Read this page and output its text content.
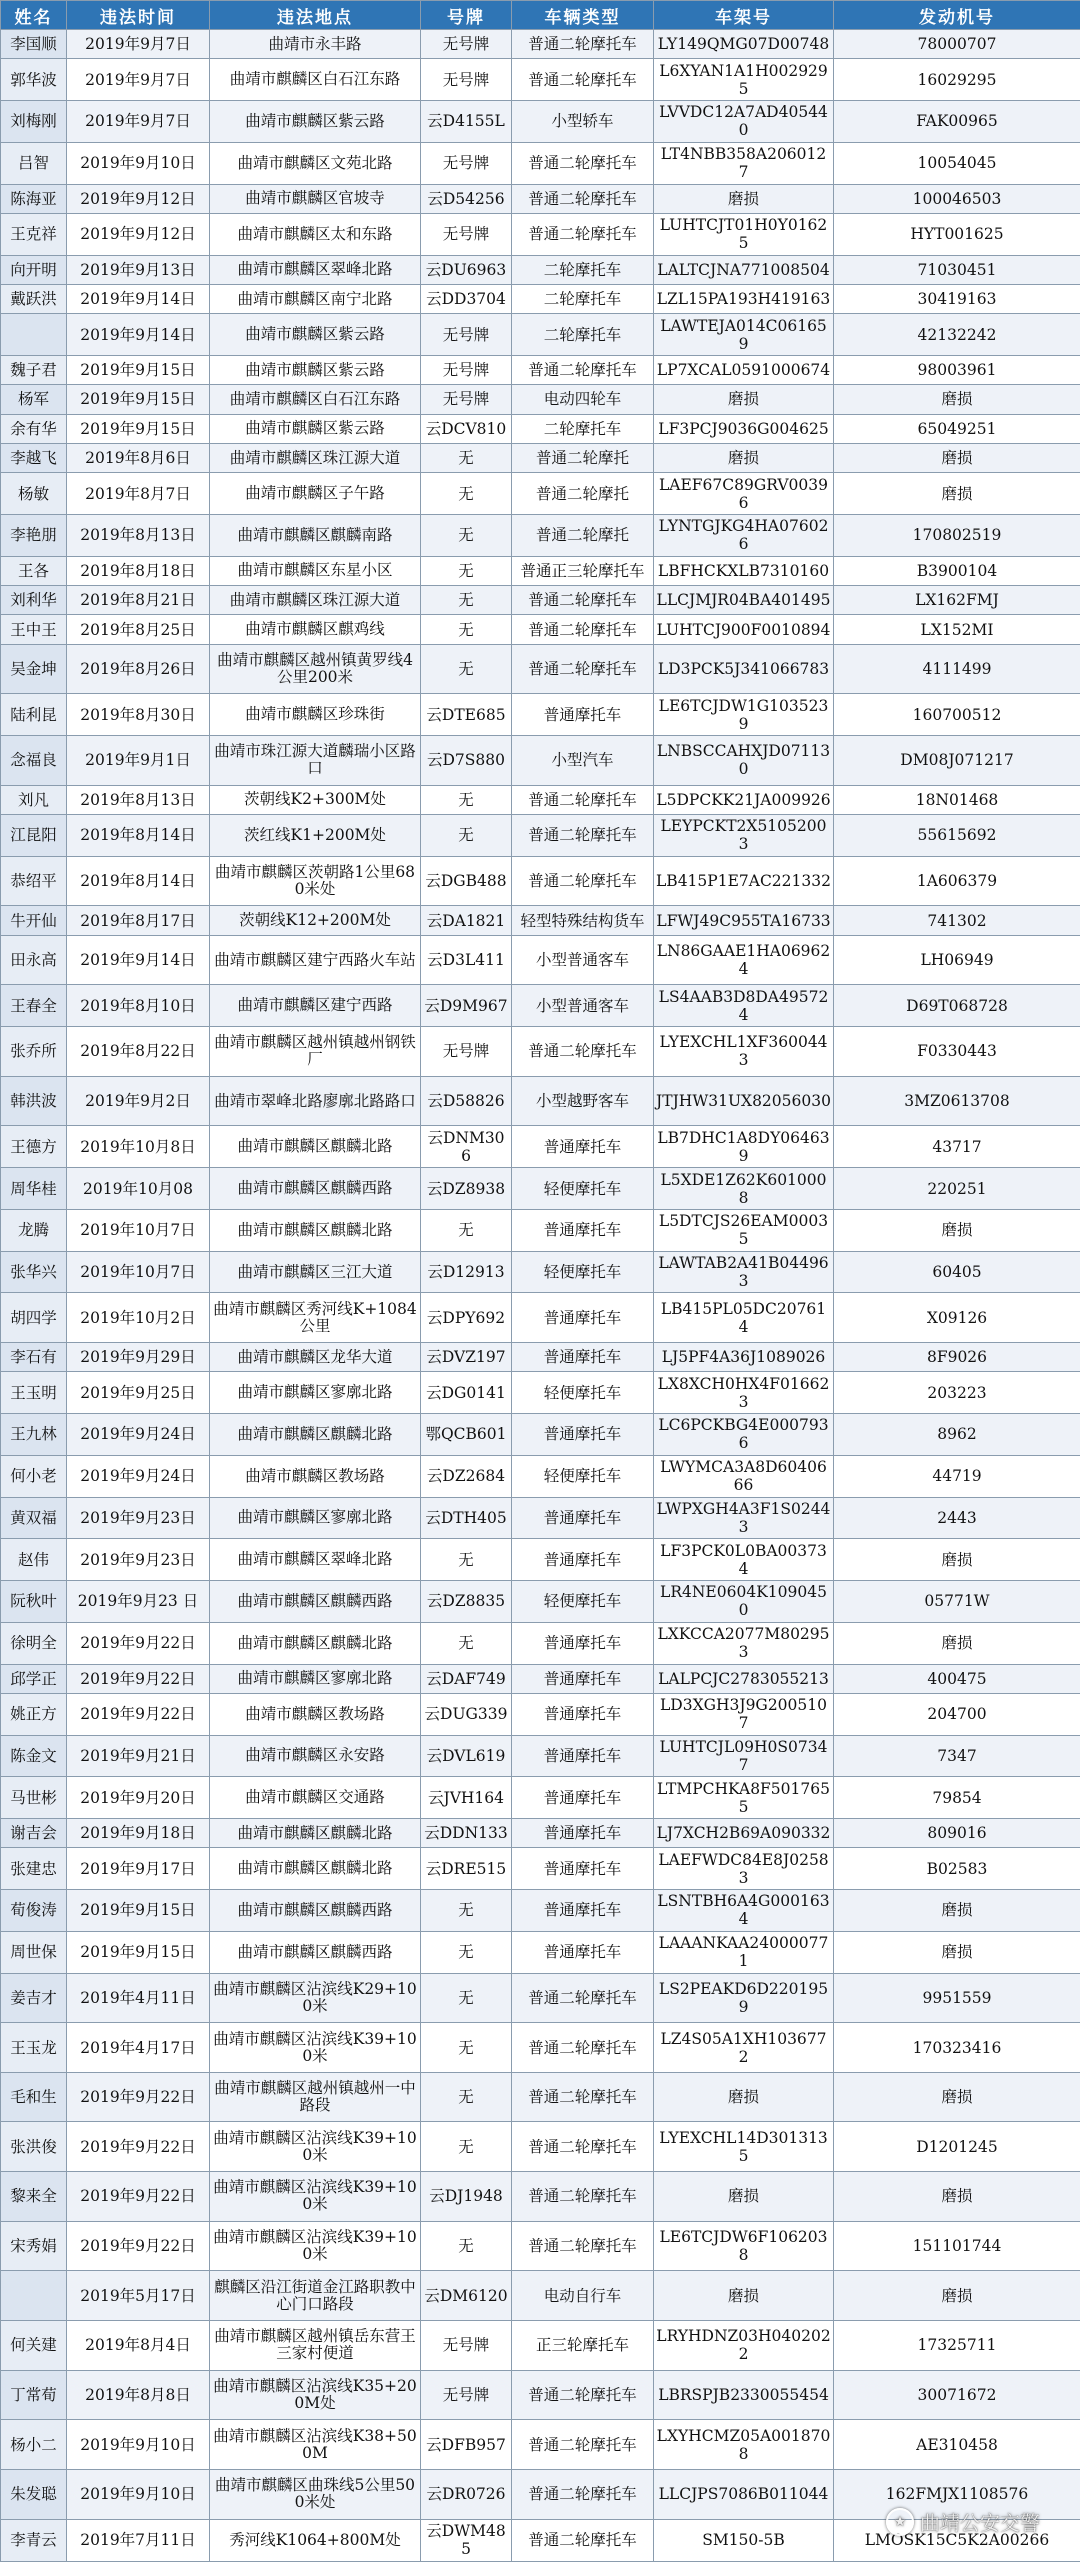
姓名	违法时间	违法地点	号牌	车辆类型	车架号	发动机号
李国顺	2019年9月7日	曲靖市永丰路	无号牌	普通二轮摩托车	LY149QMG07D00748	78000707
郭华波	2019年9月7日	曲靖市麒麟区白石江东路	无号牌	普通二轮摩托车	L6XYAN1A1H0029295	16029295
刘梅刚	2019年9月7日	曲靖市麒麟区紫云路	云D4155L	小型轿车	LVVDC12A7AD405440	FAK00965
吕智	2019年9月10日	曲靖市麒麟区文苑北路	无号牌	普通二轮摩托车	LT4NBB358A2060127	10054045
陈海亚	2019年9月12日	曲靖市麒麟区官坡寺	云D54256	普通二轮摩托车	磨损	100046503
王克祥	2019年9月12日	曲靖市麒麟区太和东路	无号牌	普通二轮摩托车	LUHTCJT01H0Y01625	HYT001625
向开明	2019年9月13日	曲靖市麒麟区翠峰北路	云DU6963	二轮摩托车	LALTCJNA771008504	71030451
戴跃洪	2019年9月14日	曲靖市麒麟区南宁北路	云DD3704	二轮摩托车	LZL15PA193H419163	30419163
	2019年9月14日	曲靖市麒麟区紫云路	无号牌	二轮摩托车	LAWTEJA014C061659	42132242
魏子君	2019年9月15日	曲靖市麒麟区紫云路	无号牌	普通二轮摩托车	LP7XCAL0591000674	98003961
杨军	2019年9月15日	曲靖市麒麟区白石江东路	无号牌	电动四轮车	磨损	磨损
余有华	2019年9月15日	曲靖市麒麟区紫云路	云DCV810	二轮摩托车	LF3PCJ9036G004625	65049251
李越飞	2019年8月6日	曲靖市麒麟区珠江源大道	无	普通二轮摩托	磨损	磨损
杨敏	2019年8月7日	曲靖市麒麟区子午路	无	普通二轮摩托	LAEF67C89GRV00396	磨损
李艳朋	2019年8月13日	曲靖市麒麟区麒麟南路	无	普通二轮摩托	LYNTGJKG4HA076026	170802519
王各	2019年8月18日	曲靖市麒麟区东星小区	无	普通正三轮摩托车	LBFHCKXLB7310160	B3900104
刘利华	2019年8月21日	曲靖市麒麟区珠江源大道	无	普通二轮摩托车	LLCJMJR04BA401495	LX162FMJ
王中王	2019年8月25日	曲靖市麒麟区麒鸡线	无	普通二轮摩托车	LUHTCJ900F0010894	LX152MI
吴金坤	2019年8月26日	曲靖市麒麟区越州镇黄罗线4公里200米	无	普通二轮摩托车	LD3PCK5J341066783	4111499
陆利昆	2019年8月30日	曲靖市麒麟区珍珠街	云DTE685	普通摩托车	LE6TCJDW1G1035239	160700512
念福良	2019年9月1日	曲靖市珠江源大道麟瑞小区路口	云D7S880	小型汽车	LNBSCCAHXJD071130	DM08J071217
刘凡	2019年8月13日	茨朝线K2+300M处	无	普通二轮摩托车	L5DPCKK21JA009926	18N01468
江昆阳	2019年8月14日	茨红线K1+200M处	无	普通二轮摩托车	LEYPCKT2X51052003	55615692
恭绍平	2019年8月14日	曲靖市麒麟区茨朝路1公里680米处	云DGB488	普通二轮摩托车	LB415P1E7AC221332	1A606379
牛开仙	2019年8月17日	茨朝线K12+200M处	云DA1821	轻型特殊结构货车	LFWJ49C955TA16733	741302
田永高	2019年9月14日	曲靖市麒麟区建宁西路火车站	云D3L411	小型普通客车	LN86GAAE1HA069624	LH06949
王春全	2019年8月10日	曲靖市麒麟区建宁西路	云D9M967	小型普通客车	LS4AAB3D8DA495724	D69T068728
张乔所	2019年8月22日	曲靖市麒麟区越州镇越州钢铁厂	无号牌	普通二轮摩托车	LYEXCHL1XF3600443	F0330443
韩洪波	2019年9月2日	曲靖市翠峰北路廖廓北路路口	云D58826	小型越野客车	JTJHW31UX82056030	3MZ0613708
王德方	2019年10月8日	曲靖市麒麟区麒麟北路	云DNM306	普通摩托车	LB7DHC1A8DY064639	43717
周华桂	2019年10月08	曲靖市麒麟区麒麟西路	云DZ8938	轻便摩托车	L5XDE1Z62K6010008	220251
龙腾	2019年10月7日	曲靖市麒麟区麒麟北路	无	普通摩托车	L5DTCJS26EAM00035	磨损
张华兴	2019年10月7日	曲靖市麒麟区三江大道	云D12913	轻便摩托车	LAWTAB2A41B044963	60405
胡四学	2019年10月2日	曲靖市麒麟区秀河线K+1084公里	云DPY692	普通摩托车	LB415PL05DC207614	X09126
李石有	2019年9月29日	曲靖市麒麟区龙华大道	云DVZ197	普通摩托车	LJ5PF4A36J1089026	8F9026
王玉明	2019年9月25日	曲靖市麒麟区寥廓北路	云DG0141	轻便摩托车	LX8XCH0HX4F016623	203223
王九林	2019年9月24日	曲靖市麒麟区麒麟北路	鄂QCB601	普通摩托车	LC6PCKBG4E0007936	8962
何小老	2019年9月24日	曲靖市麒麟区教场路	云DZ2684	轻便摩托车	LWYMCA3A8D6040666	44719
黄双福	2019年9月23日	曲靖市麒麟区寥廓北路	云DTH405	普通摩托车	LWPXGH4A3F1S02443	2443
赵伟	2019年9月23日	曲靖市麒麟区翠峰北路	无	普通摩托车	LF3PCK0L0BA003734	磨损
阮秋叶	2019年9月23 日	曲靖市麒麟区麒麟西路	云DZ8835	轻便摩托车	LR4NE0604K1090450	05771W
徐明全	2019年9月22日	曲靖市麒麟区麒麟北路	无	普通摩托车	LXKCCA2077M802953	磨损
邱学正	2019年9月22日	曲靖市麒麟区寥廓北路	云DAF749	普通摩托车	LALPCJC2783055213	400475
姚正方	2019年9月22日	曲靖市麒麟区教场路	云DUG339	普通摩托车	LD3XGH3J9G2005107	204700
陈金文	2019年9月21日	曲靖市麒麟区永安路	云DVL619	普通摩托车	LUHTCJL09H0S07347	7347
马世彬	2019年9月20日	曲靖市麒麟区交通路	云JVH164	普通摩托车	LTMPCHKA8F5017655	79854
谢吉会	2019年9月18日	曲靖市麒麟区麒麟北路	云DDN133	普通摩托车	LJ7XCH2B69A090332	809016
张建忠	2019年9月17日	曲靖市麒麟区麒麟北路	云DRE515	普通摩托车	LAEFWDC84E8J02583	B02583
荀俊涛	2019年9月15日	曲靖市麒麟区麒麟西路	无	普通摩托车	LSNTBH6A4G0001634	磨损
周世保	2019年9月15日	曲靖市麒麟区麒麟西路	无	普通摩托车	LAAANKAA240000771	磨损
姜吉才	2019年4月11日	曲靖市麒麟区沾滨线K29+100米	无	普通二轮摩托车	LS2PEAKD6D2201959	9951559
王玉龙	2019年4月17日	曲靖市麒麟区沾滨线K39+100米	无	普通二轮摩托车	LZ4S05A1XH1036772	170323416
毛和生	2019年9月22日	曲靖市麒麟区越州镇越州一中路段	无	普通二轮摩托车	磨损	磨损
张洪俊	2019年9月22日	曲靖市麒麟区沾滨线K39+100米	无	普通二轮摩托车	LYEXCHL14D3013135	D1201245
黎来全	2019年9月22日	曲靖市麒麟区沾滨线K39+100米	云DJ1948	普通二轮摩托车	磨损	磨损
宋秀娟	2019年9月22日	曲靖市麒麟区沾滨线K39+100米	无	普通二轮摩托车	LE6TCJDW6F1062038	151101744
	2019年5月17日	麒麟区沿江街道金江路职教中心门口路段	云DM6120	电动自行车	磨损	磨损
何关建	2019年8月4日	曲靖市麒麟区越州镇岳东营王三家村便道	无号牌	正三轮摩托车	LRYHDNZ03H0402022	17325711
丁常荀	2019年8月8日	曲靖市麒麟区沾滨线K35+200M处	无号牌	普通二轮摩托车	LBRSPJB2330055454	30071672
杨小二	2019年9月10日	曲靖市麒麟区沾滨线K38+500M	云DFB957	普通二轮摩托车	LXYHCMZ05A0018708	AE310458
朱发聪	2019年9月10日	曲靖市麒麟区曲珠线5公里500米处	云DR0726	普通二轮摩托车	LLCJPS7086B011044	162FMJX1108576
李青云	2019年7月11日	秀河线K1064+800M处	云DWM485	普通二轮摩托车	SM150-5B	LMOSK15C5K2A00266
★ 曲靖公安交警
